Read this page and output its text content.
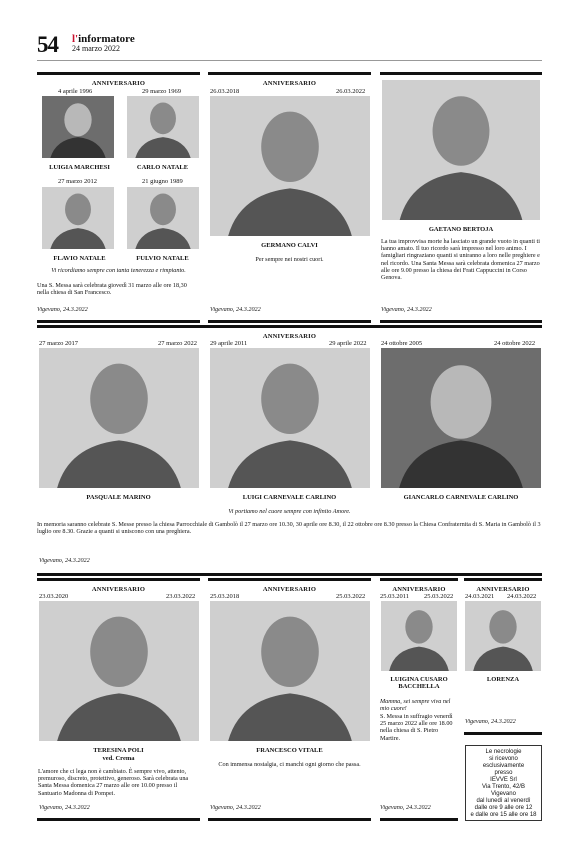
54 l'informatore
24 marzo 2022
ANNIVERSARIO
4 aprile 1996	29 marzo 1969
LUIGIA MARCHESI	CARLO NATALE
27 marzo 2012	21 giugno 1989
FLAVIO NATALE	FULVIO NATALE
Vi ricordiamo sempre con tanta tenerezza e rimpianto.
Una S. Messa sarà celebrata giovedì 31 marzo alle ore 18,30 nella chiesa di San Francesco.
Vigevano, 24.3.2022
ANNIVERSARIO
26.03.2018	26.03.2022
GERMANO CALVI
Per sempre nei nostri cuori.
Vigevano, 24.3.2022
GAETANO BERTOJA
La tua improvvisa morte ha lasciato un grande vuoto in quanti ti hanno amato. Il tuo ricordo sarà impresso nel loro animo. I famigliari ringraziano quanti si uniranno a loro nelle preghiere e nel ricordo. Una Santa Messa sarà celebrata domenica 27 marzo alle ore 9.00 presso la chiesa dei Frati Cappuccini in Corso Genova.
Vigevano, 24.3.2022
ANNIVERSARIO
27 marzo 2017	27 marzo 2022 29 aprile 2011	29 aprile 2022 24 ottobre 2005	24 ottobre 2022
PASQUALE MARINO	LUIGI CARNEVALE CARLINO	GIANCARLO CARNEVALE CARLINO
Vi portiamo nel cuore sempre con infinito Amore.
In memoria saranno celebrate S. Messe presso la chiesa Parrocchiale di Gambolò il 27 marzo ore 10.30, 30 aprile ore 8.30, il 22 ottobre ore 8.30 presso la Chiesa Confraternita di S. Maria in Gambolò il 3 luglio ore 8.30. Grazie a quanti si uniscono con una preghiera.
Vigevano, 24.3.2022
ANNIVERSARIO
23.03.2020	23.03.2022
TERESINA POLI
ved. Crema
L'amore che ci lega non è cambiato. È sempre vivo, attento, premuroso, discreto, protettivo, generoso. Sarà celebrata una Santa Messa domenica 27 marzo alle ore 10.00 presso il Santuario Madonna di Pompei.
Vigevano, 24.3.2022
ANNIVERSARIO
25.03.2018	25.03.2022
FRANCESCO VITALE
Con immensa nostalgia, ci manchi ogni giorno che passa.
Vigevano, 24.3.2022
ANNIVERSARIO
25.03.2011 25.03.2022
LUIGINA CUSARO BACCHELLA
Mamma, sei sempre viva nel mio cuore!
S. Messa in suffragio venerdì 25 marzo 2022 alle ore 18.00 nella chiesa di S. Pietro Martire.
Vigevano, 24.3.2022
ANNIVERSARIO
24.03.2021 24.03.2022
LORENZA
Vigevano, 24.3.2022
Le necrologie
si ricevono
esclusivamente
presso
IEVVE Srl
Via Trento, 42/B
Vigevano
dal lunedì al venerdì
dalle ore 9 alle ore 12
e dalle ore 15 alle ore 18
